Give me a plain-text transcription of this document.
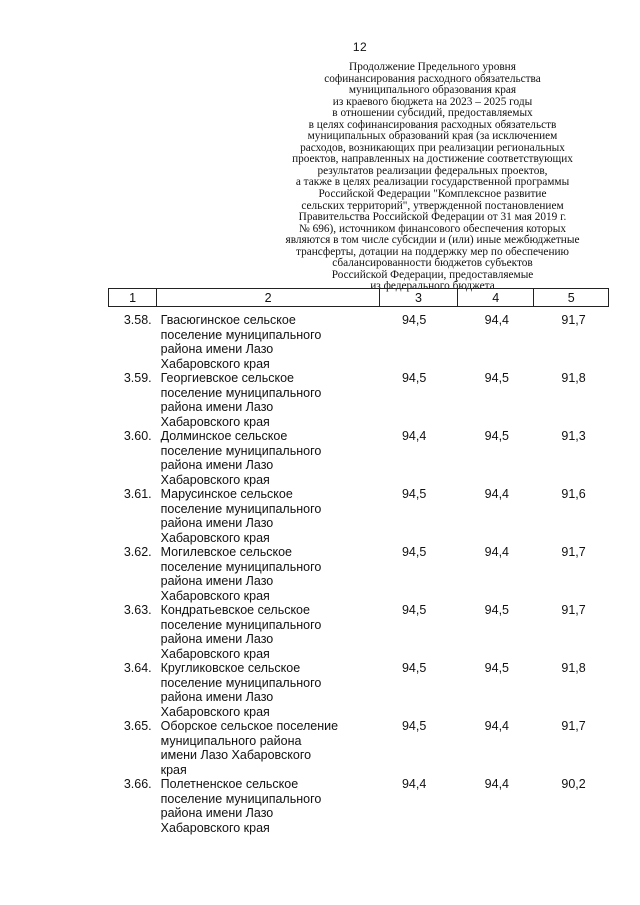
12
Продолжение Предельного уровня
софинансирования расходного обязательства
муниципального образования края
из краевого бюджета на 2023 – 2025 годы
в отношении субсидий, предоставляемых
в целях софинансирования расходных обязательств
муниципальных образований края (за исключением
расходов, возникающих при реализации региональных
проектов, направленных на достижение соответствующих
результатов реализации федеральных проектов,
а также в целях реализации государственной программы
Российской Федерации "Комплексное развитие
сельских территорий", утвержденной постановлением
Правительства Российской Федерации от 31 мая 2019 г.
№ 696), источником финансового обеспечения которых
являются в том числе субсидии и (или) иные межбюджетные
трансферты, дотации на поддержку мер по обеспечению
сбалансированности бюджетов субъектов
Российской Федерации, предоставляемые
из федерального бюджета
1	2	3	4	5
3.58. Гвасюгинское сельское
поселение муниципального
района имени Лазо
Хабаровского края
94,5	94,4	91,7
3.59. Георгиевское сельское
поселение муниципального
района имени Лазо
Хабаровского края
94,5	94,5	91,8
3.60. Долминское сельское
поселение муниципального
района имени Лазо
Хабаровского края
94,4	94,5	91,3
3.61. Марусинское сельское
поселение муниципального
района имени Лазо
Хабаровского края
94,5	94,4	91,6
3.62. Могилевское сельское
поселение муниципального
района имени Лазо
Хабаровского края
94,5	94,4	91,7
3.63. Кондратьевское сельское
поселение муниципального
района имени Лазо
Хабаровского края
94,5	94,5	91,7
3.64. Кругликовское сельское
поселение муниципального
района имени Лазо
Хабаровского края
94,5	94,5	91,8
3.65. Оборское сельское поселение
муниципального района
имени Лазо Хабаровского
края
94,5	94,4	91,7
3.66. Полетненское сельское
поселение муниципального
района имени Лазо
Хабаровского края
94,4	94,4	90,2
